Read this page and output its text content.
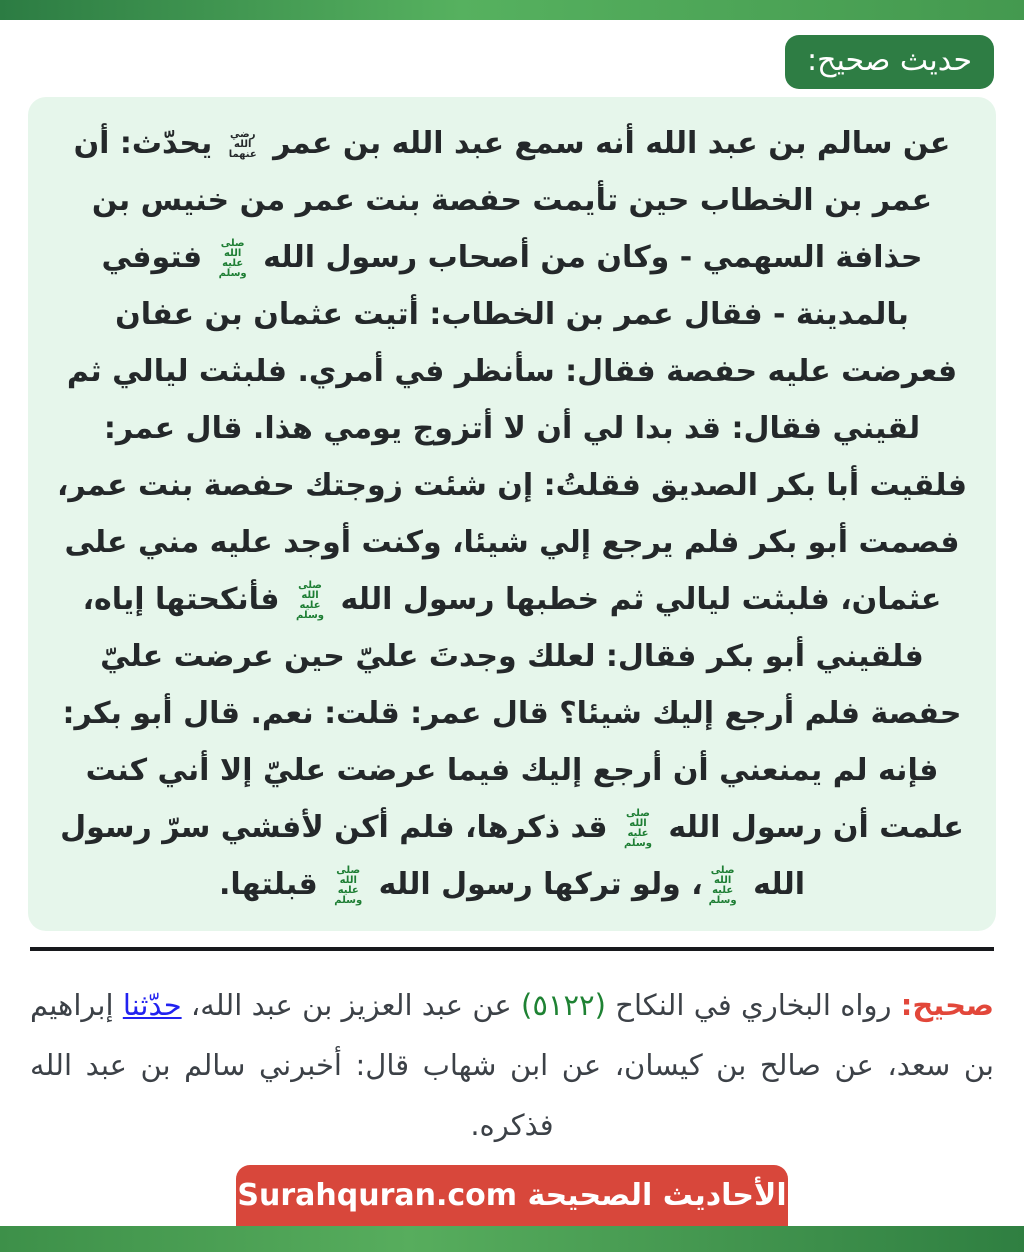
حديث صحيح:

عن سالم بن عبد الله أنه سمع عبد الله بن عمر رضي الله عنهما يحدّث: أن عمر بن الخطاب حين تأيمت حفصة بنت عمر من خنيس بن حذافة السهمي - وكان من أصحاب رسول الله صلى الله عليه وسلم فتوفي بالمدينة - فقال عمر بن الخطاب: أتيت عثمان بن عفان فعرضت عليه حفصة فقال: سأنظر في أمري. فلبثت ليالي ثم لقيني فقال: قد بدا لي أن لا أتزوج يومي هذا. قال عمر: فلقيت أبا بكر الصديق فقلتُ: إن شئت زوجتك حفصة بنت عمر، فصمت أبو بكر فلم يرجع إلي شيئا، وكنت أوجد عليه مني على عثمان، فلبثت ليالي ثم خطبها رسول الله صلى الله عليه وسلم فأنكحتها إياه، فلقيني أبو بكر فقال: لعلك وجدتَ عليّ حين عرضت عليّ حفصة فلم أرجع إليك شيئا؟ قال عمر: قلت: نعم. قال أبو بكر: فإنه لم يمنعني أن أرجع إليك فيما عرضت عليّ إلا أني كنت علمت أن رسول الله صلى الله عليه وسلم قد ذكرها، فلم أكن لأفشي سرّ رسول الله صلى الله عليه وسلم، ولو تركها رسول الله صلى الله عليه وسلم قبلتها.

صحيح: رواه البخاري في النكاح (٥١٢٢) عن عبد العزيز بن عبد الله، حدّثنا إبراهيم بن سعد، عن صالح بن كيسان، عن ابن شهاب قال: أخبرني سالم بن عبد الله فذكره.

الأحاديث الصحيحة Surahquran.com
